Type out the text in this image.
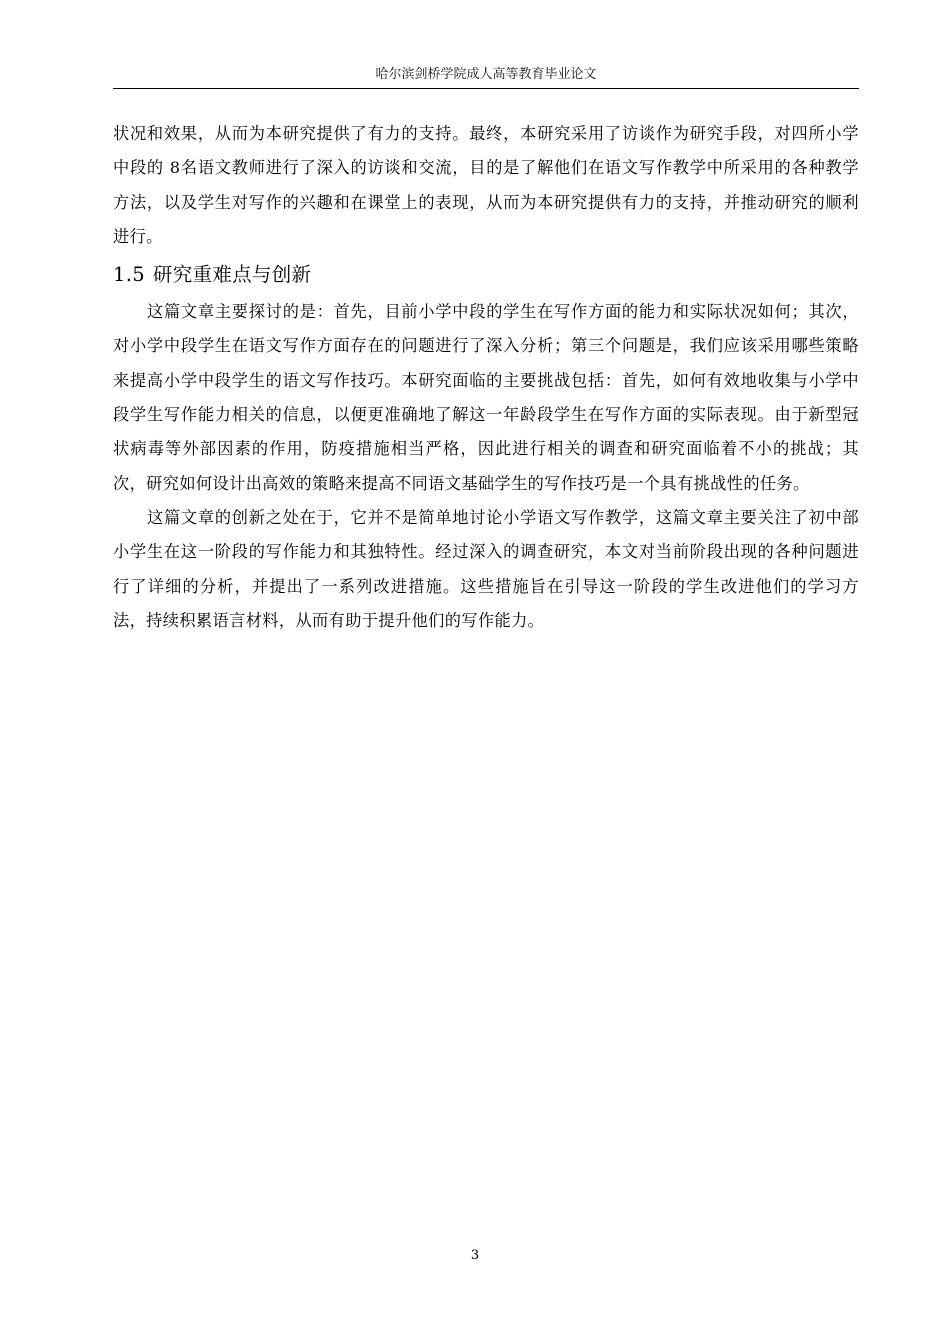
哈尔滨剑桥学院成人高等教育毕业论文

状况和效果，从而为本研究提供了有力的支持。最终，本研究采用了访谈作为研究手段，对四所小学中段的 8名语文教师进行了深入的访谈和交流，目的是了解他们在语文写作教学中所采用的各种教学方法，以及学生对写作的兴趣和在课堂上的表现，从而为本研究提供有力的支持，并推动研究的顺利进行。

1.5 研究重难点与创新

这篇文章主要探讨的是：首先，目前小学中段的学生在写作方面的能力和实际状况如何；其次，对小学中段学生在语文写作方面存在的问题进行了深入分析；第三个问题是，我们应该采用哪些策略来提高小学中段学生的语文写作技巧。本研究面临的主要挑战包括：首先，如何有效地收集与小学中段学生写作能力相关的信息，以便更准确地了解这一年龄段学生在写作方面的实际表现。由于新型冠状病毒等外部因素的作用，防疫措施相当严格，因此进行相关的调查和研究面临着不小的挑战；其次，研究如何设计出高效的策略来提高不同语文基础学生的写作技巧是一个具有挑战性的任务。

这篇文章的创新之处在于，它并不是简单地讨论小学语文写作教学，这篇文章主要关注了初中部小学生在这一阶段的写作能力和其独特性。经过深入的调查研究，本文对当前阶段出现的各种问题进行了详细的分析，并提出了一系列改进措施。这些措施旨在引导这一阶段的学生改进他们的学习方法，持续积累语言材料，从而有助于提升他们的写作能力。

3
